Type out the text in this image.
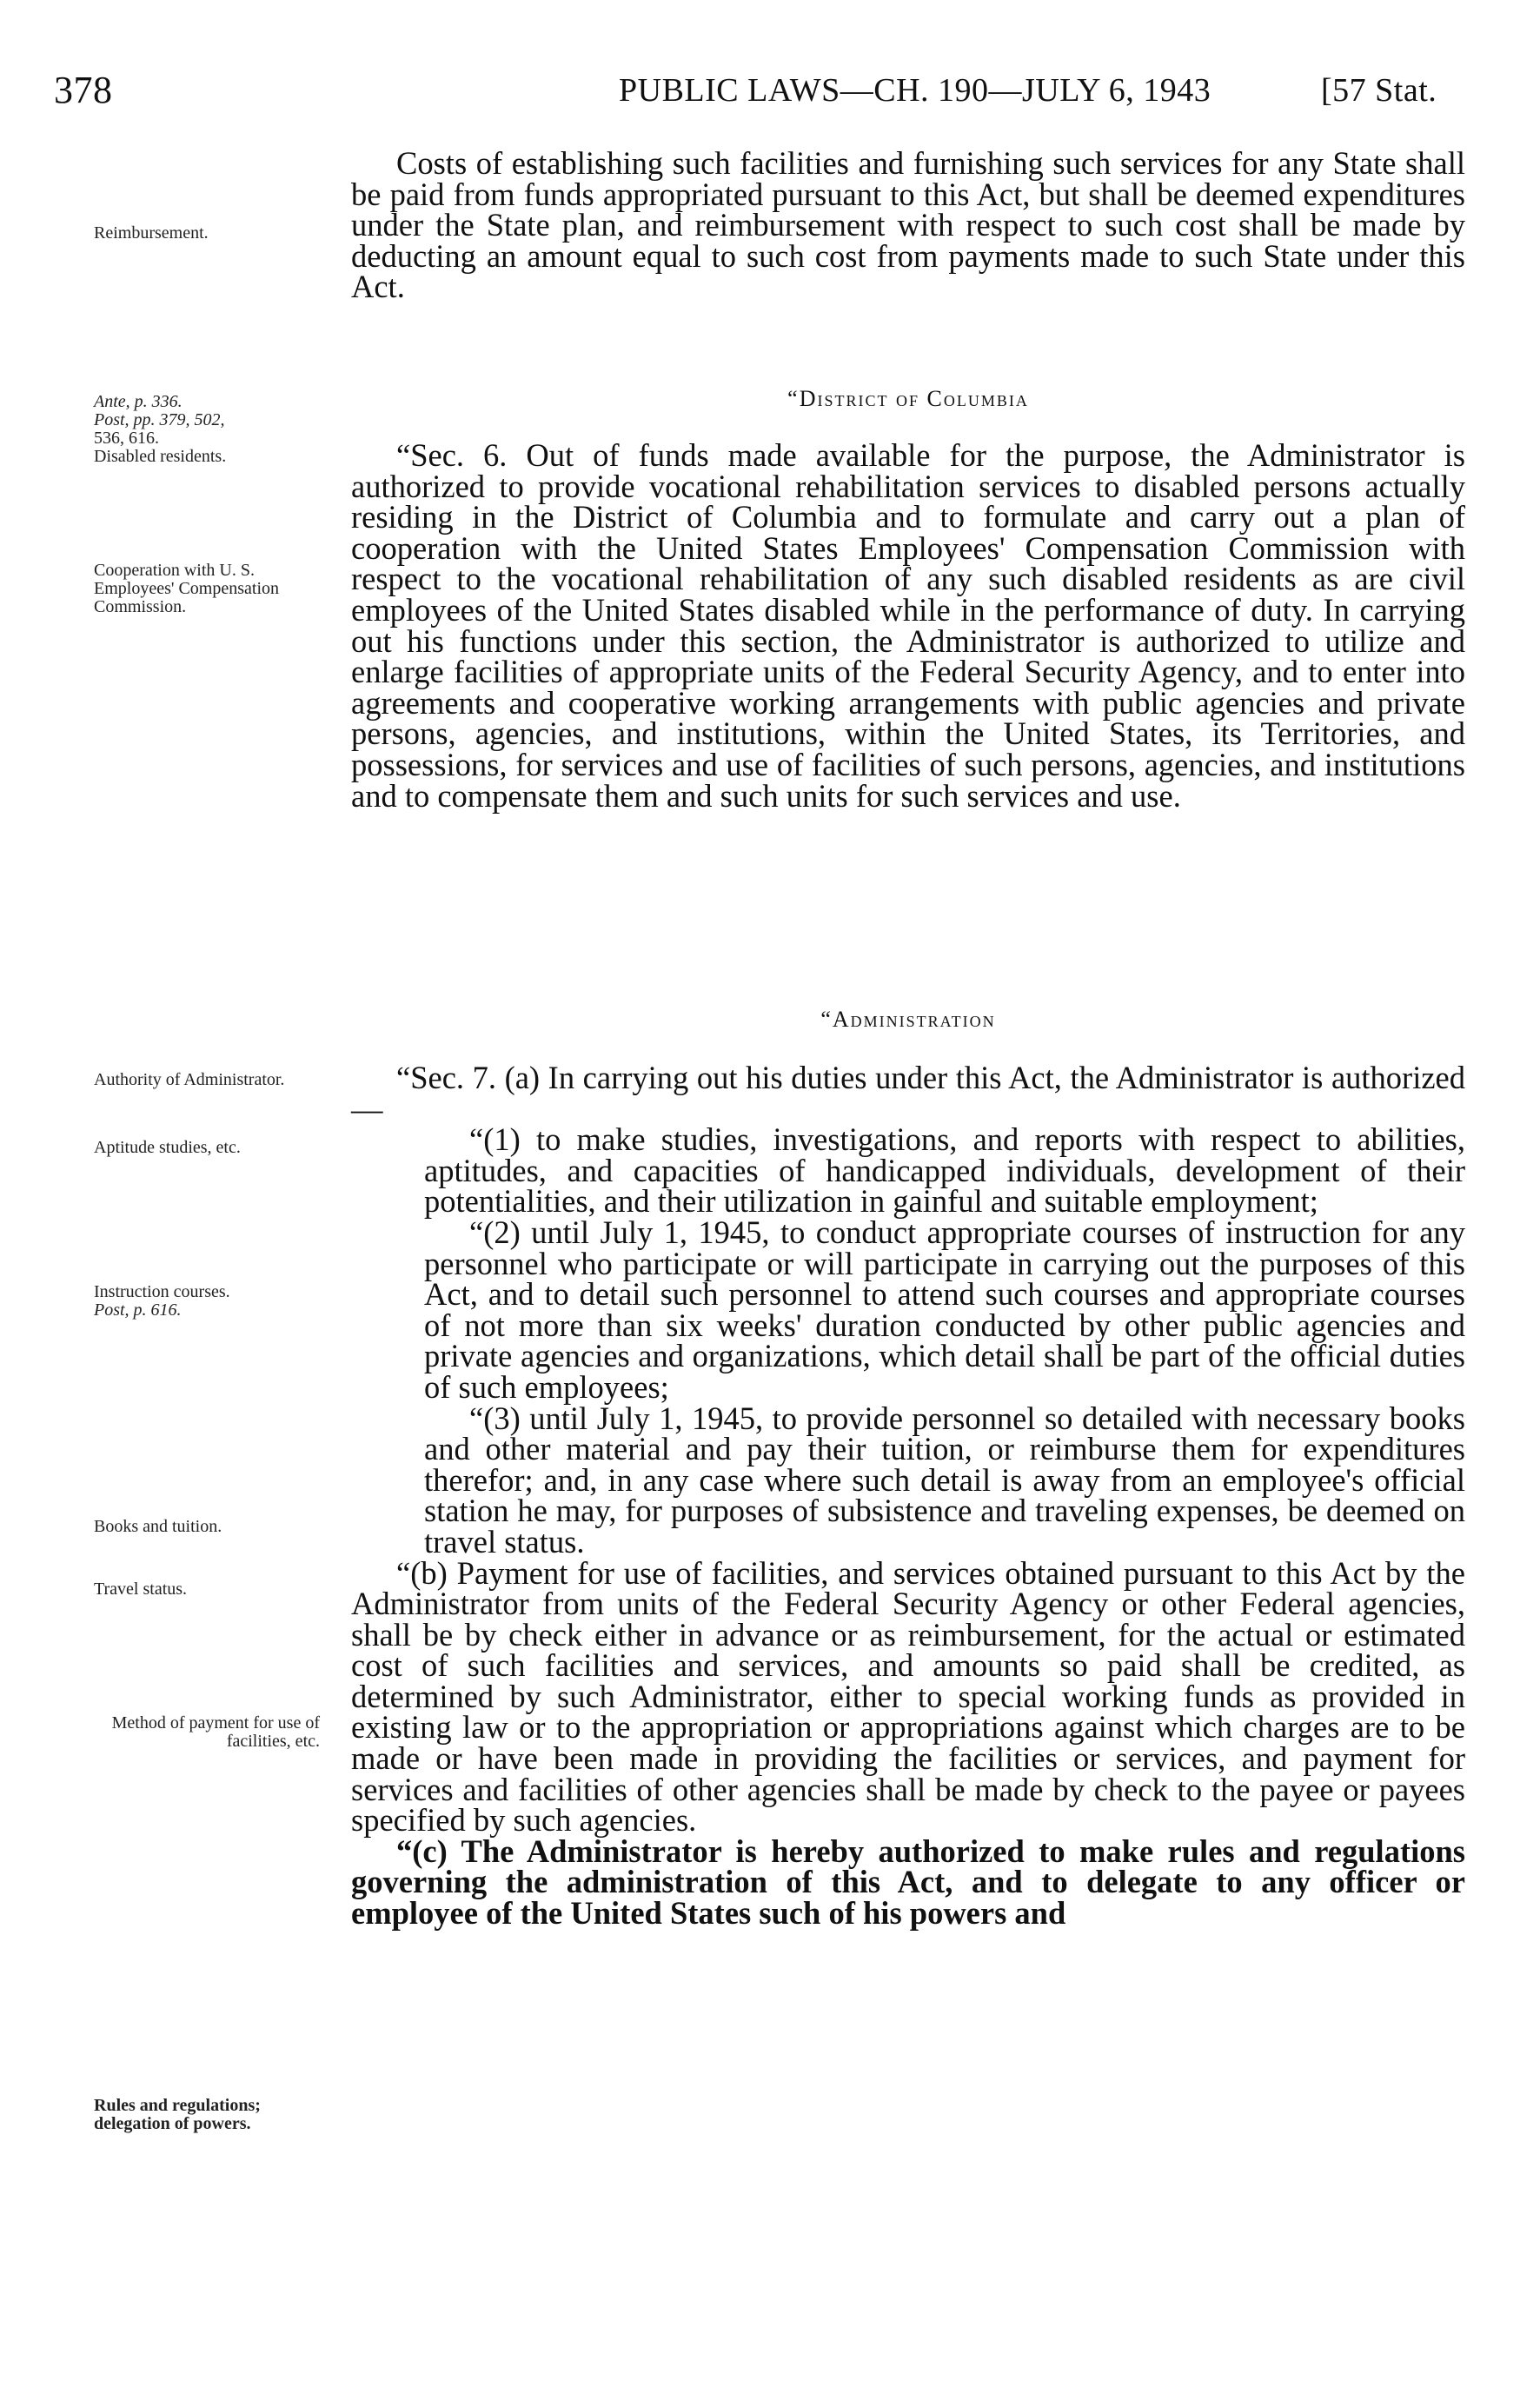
378	PUBLIC LAWS—CH. 190—JULY 6, 1943	[57 Stat.
Reimbursement.
Ante, p. 336.
Post, pp. 379, 502,
536, 616.
Disabled residents.
Cooperation with U. S. Employees' Compensation Commission.
Authority of Administrator.
Aptitude studies, etc.
Instruction courses.
Post, p. 616.
Books and tuition.
Travel status.
Method of payment for use of facilities, etc.
Rules and regulations; delegation of powers.

Costs of establishing such facilities and furnishing such services for any State shall be paid from funds appropriated pursuant to this Act, but shall be deemed expenditures under the State plan, and reimbursement with respect to such cost shall be made by deducting an amount equal to such cost from payments made to such State under this Act.

“District of Columbia

“Sec. 6. Out of funds made available for the purpose, the Administrator is authorized to provide vocational rehabilitation services to disabled persons actually residing in the District of Columbia and to formulate and carry out a plan of cooperation with the United States Employees' Compensation Commission with respect to the vocational rehabilitation of any such disabled residents as are civil employees of the United States disabled while in the performance of duty. In carrying out his functions under this section, the Administrator is authorized to utilize and enlarge facilities of appropriate units of the Federal Security Agency, and to enter into agreements and cooperative working arrangements with public agencies and private persons, agencies, and institutions, within the United States, its Territories, and possessions, for services and use of facilities of such persons, agencies, and institutions and to compensate them and such units for such services and use.

“Administration

“Sec. 7. (a) In carrying out his duties under this Act, the Administrator is authorized—

“(1) to make studies, investigations, and reports with respect to abilities, aptitudes, and capacities of handicapped individuals, development of their potentialities, and their utilization in gainful and suitable employment;

“(2) until July 1, 1945, to conduct appropriate courses of instruction for any personnel who participate or will participate in carrying out the purposes of this Act, and to detail such personnel to attend such courses and appropriate courses of not more than six weeks' duration conducted by other public agencies and private agencies and organizations, which detail shall be part of the official duties of such employees;

“(3) until July 1, 1945, to provide personnel so detailed with necessary books and other material and pay their tuition, or reimburse them for expenditures therefor; and, in any case where such detail is away from an employee's official station he may, for purposes of subsistence and traveling expenses, be deemed on travel status.

“(b) Payment for use of facilities, and services obtained pursuant to this Act by the Administrator from units of the Federal Security Agency or other Federal agencies, shall be by check either in advance or as reimbursement, for the actual or estimated cost of such facilities and services, and amounts so paid shall be credited, as determined by such Administrator, either to special working funds as provided in existing law or to the appropriation or appropriations against which charges are to be made or have been made in providing the facilities or services, and payment for services and facilities of other agencies shall be made by check to the payee or payees specified by such agencies.

“(c) The Administrator is hereby authorized to make rules and regulations governing the administration of this Act, and to delegate to any officer or employee of the United States such of his powers and
